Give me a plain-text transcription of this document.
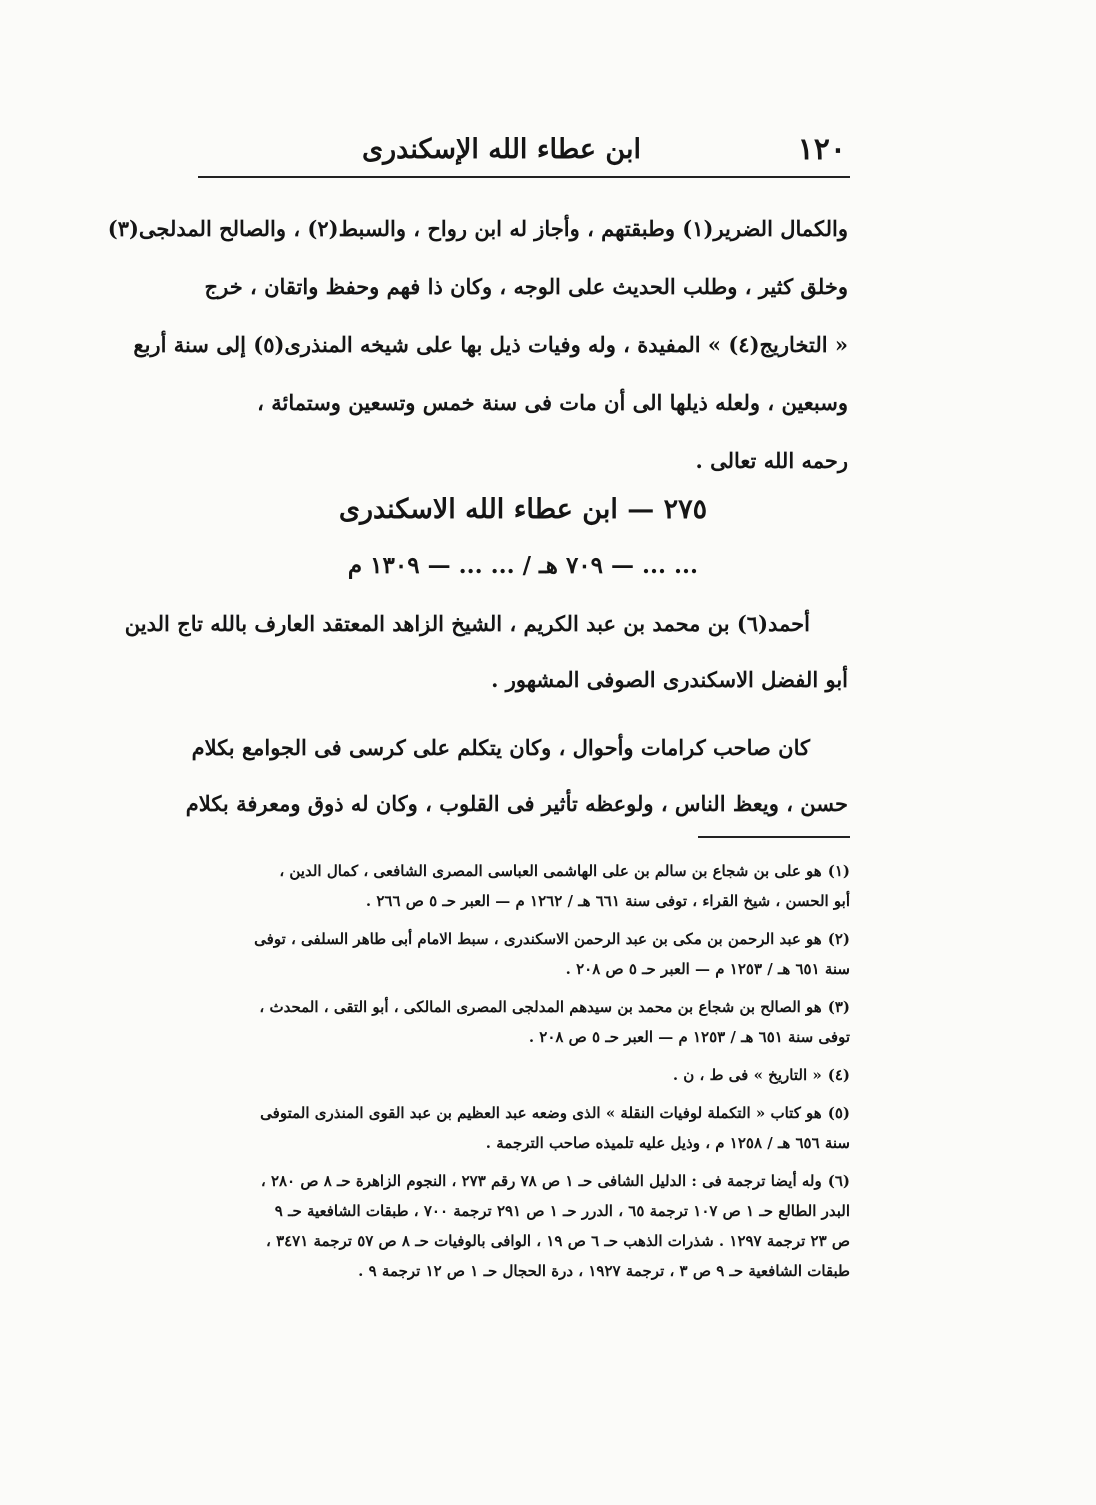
١٢٠
ابن عطاء الله الإسكندرى
والكمال الضرير(١) وطبقتهم ، وأجاز له ابن رواح ، والسبط(٢) ، والصالح المدلجى(٣)
وخلق كثير ، وطلب الحديث على الوجه ، وكان ذا فهم وحفظ واتقان ، خرج
« التخاريج(٤) » المفيدة ، وله وفيات ذيل بها على شيخه المنذرى(٥) إلى سنة أربع
وسبعين ، ولعله ذيلها الى أن مات فى سنة خمس وتسعين وستمائة ،
رحمه الله تعالى .
٢٧٥ — ابن عطاء الله الاسكندرى
... ... — ٧٠٩ هـ / ... ... — ١٣٠٩ م
أحمد(٦) بن محمد بن عبد الكريم ، الشيخ الزاهد المعتقد العارف بالله تاج الدين
أبو الفضل الاسكندرى الصوفى المشهور .
كان صاحب كرامات وأحوال ، وكان يتكلم على كرسى فى الجوامع بكلام
حسن ، ويعظ الناس ، ولوعظه تأثير فى القلوب ، وكان له ذوق ومعرفة بكلام
(١)هو على بن شجاع بن سالم بن على الهاشمى العباسى المصرى الشافعى ، كمال الدين ،
أبو الحسن ، شيخ القراء ، توفى سنة ٦٦١ هـ / ١٢٦٢ م — العبر حـ ٥ ص ٢٦٦ .
(٢)هو عبد الرحمن بن مكى بن عبد الرحمن الاسكندرى ، سبط الامام أبى طاهر السلفى ، توفى
سنة ٦٥١ هـ / ١٢٥٣ م — العبر حـ ٥ ص ٢٠٨ .
(٣)هو الصالح بن شجاع بن محمد بن سيدهم المدلجى المصرى المالكى ، أبو التقى ، المحدث ،
توفى سنة ٦٥١ هـ / ١٢٥٣ م — العبر حـ ٥ ص ٢٠٨ .
(٤)« التاريخ » فى ط ، ن .
(٥)هو كتاب « التكملة لوفيات النقلة » الذى وضعه عبد العظيم بن عبد القوى المنذرى المتوفى
سنة ٦٥٦ هـ / ١٢٥٨ م ، وذيل عليه تلميذه صاحب الترجمة .
(٦)وله أيضا ترجمة فى : الدليل الشافى حـ ١ ص ٧٨ رقم ٢٧٣ ، النجوم الزاهرة حـ ٨ ص ٢٨٠ ،
البدر الطالع حـ ١ ص ١٠٧ ترجمة ٦٥ ، الدرر حـ ١ ص ٢٩١ ترجمة ٧٠٠ ، طبقات الشافعية حـ ٩
ص ٢٣ ترجمة ١٢٩٧ . شذرات الذهب حـ ٦ ص ١٩ ، الوافى بالوفيات حـ ٨ ص ٥٧ ترجمة ٣٤٧١ ،
طبقات الشافعية حـ ٩ ص ٣ ، ترجمة ١٩٢٧ ، درة الحجال حـ ١ ص ١٢ ترجمة ٩ .
